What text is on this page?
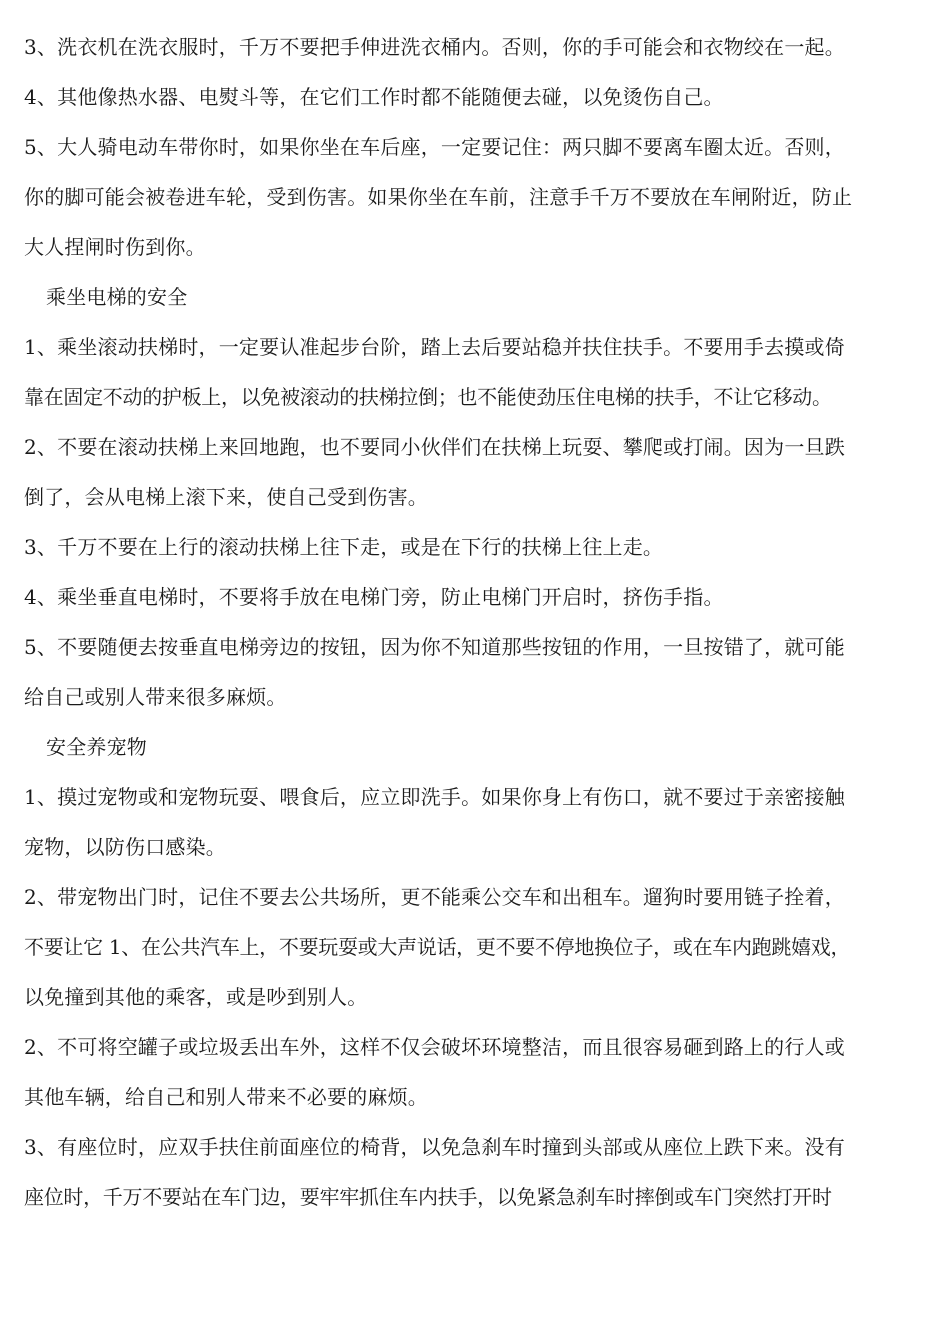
3、洗衣机在洗衣服时，千万不要把手伸进洗衣桶内。否则，你的手可能会和衣物绞在一起。
4、其他像热水器、电熨斗等，在它们工作时都不能随便去碰，以免烫伤自己。
5、大人骑电动车带你时，如果你坐在车后座，一定要记住：两只脚不要离车圈太近。否则，
你的脚可能会被卷进车轮，受到伤害。如果你坐在车前，注意手千万不要放在车闸附近，防止
大人捏闸时伤到你。
乘坐电梯的安全
1、乘坐滚动扶梯时，一定要认准起步台阶，踏上去后要站稳并扶住扶手。不要用手去摸或倚
靠在固定不动的护板上，以免被滚动的扶梯拉倒；也不能使劲压住电梯的扶手，不让它移动。
2、不要在滚动扶梯上来回地跑，也不要同小伙伴们在扶梯上玩耍、攀爬或打闹。因为一旦跌
倒了，会从电梯上滚下来，使自己受到伤害。
3、千万不要在上行的滚动扶梯上往下走，或是在下行的扶梯上往上走。
4、乘坐垂直电梯时，不要将手放在电梯门旁，防止电梯门开启时，挤伤手指。
5、不要随便去按垂直电梯旁边的按钮，因为你不知道那些按钮的作用，一旦按错了，就可能
给自己或别人带来很多麻烦。
安全养宠物
1、摸过宠物或和宠物玩耍、喂食后，应立即洗手。如果你身上有伤口，就不要过于亲密接触
宠物，以防伤口感染。
2、带宠物出门时，记住不要去公共场所，更不能乘公交车和出租车。遛狗时要用链子拴着，
不要让它 1、在公共汽车上，不要玩耍或大声说话，更不要不停地换位子，或在车内跑跳嬉戏，
以免撞到其他的乘客，或是吵到别人。
2、不可将空罐子或垃圾丢出车外，这样不仅会破坏环境整洁，而且很容易砸到路上的行人或
其他车辆，给自己和别人带来不必要的麻烦。
3、有座位时，应双手扶住前面座位的椅背，以免急刹车时撞到头部或从座位上跌下来。没有
座位时，千万不要站在车门边，要牢牢抓住车内扶手，以免紧急刹车时摔倒或车门突然打开时
